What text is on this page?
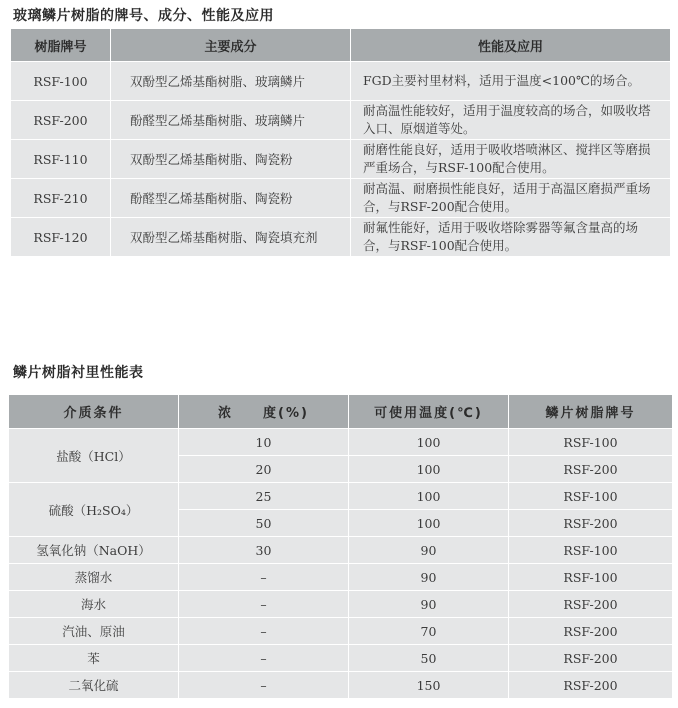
玻璃鳞片树脂的牌号、成分、性能及应用
树脂牌号	主要成分	性能及应用
RSF-100	双酚型乙烯基酯树脂、玻璃鳞片	FGD主要衬里材料，适用于温度<100℃的场合。
RSF-200	酚醛型乙烯基酯树脂、玻璃鳞片	耐高温性能较好，适用于温度较高的场合，如吸收塔入口、原烟道等处。
RSF-110	双酚型乙烯基酯树脂、陶瓷粉	耐磨性能良好，适用于吸收塔喷淋区、搅拌区等磨损严重场合，与RSF-100配合使用。
RSF-210	酚醛型乙烯基酯树脂、陶瓷粉	耐高温、耐磨损性能良好，适用于高温区磨损严重场合，与RSF-200配合使用。
RSF-120	双酚型乙烯基酯树脂、陶瓷填充剂	耐氟性能好，适用于吸收塔除雾器等氟含量高的场合，与RSF-100配合使用。
鳞片树脂衬里性能表
介质条件	浓　　度(%)	可使用温度(℃)	鳞片树脂牌号
盐酸（HCl）	10	100	RSF-100
	20	100	RSF-200
硫酸（H₂SO₄）	25	100	RSF-100
	50	100	RSF-200
氢氧化钠（NaOH）	30	90	RSF-100
蒸馏水	–	90	RSF-100
海水	–	90	RSF-200
汽油、原油	–	70	RSF-200
苯	–	50	RSF-200
二氧化硫	–	150	RSF-200
